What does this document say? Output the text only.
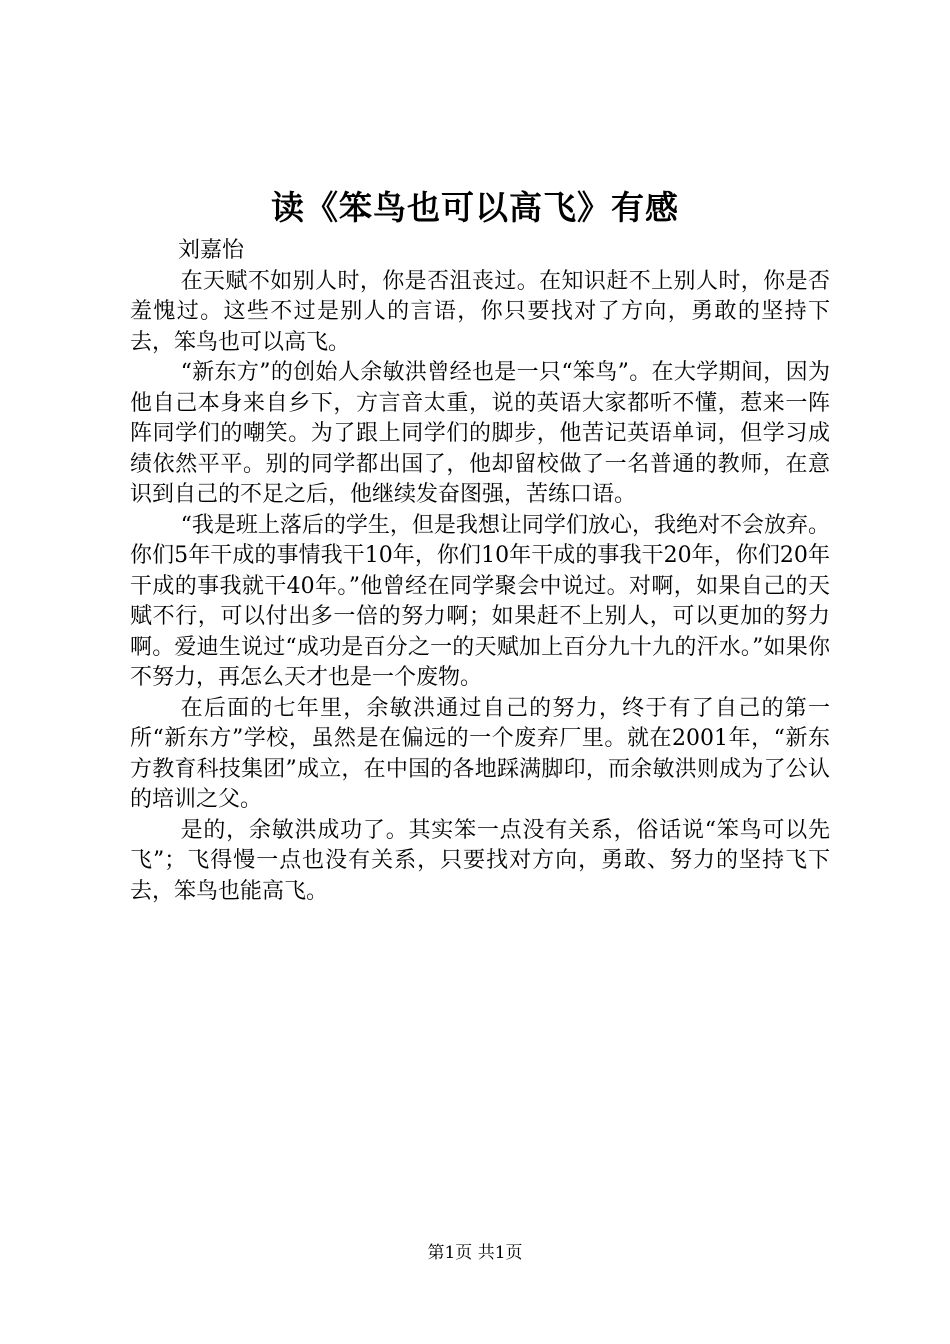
读《笨鸟也可以高飞》有感

刘嘉怡

在天赋不如别人时，你是否沮丧过。在知识赶不上别人时，你是否羞愧过。这些不过是别人的言语，你只要找对了方向，勇敢的坚持下去，笨鸟也可以高飞。

“新东方”的创始人余敏洪曾经也是一只“笨鸟”。在大学期间，因为他自己本身来自乡下，方言音太重，说的英语大家都听不懂，惹来一阵阵同学们的嘲笑。为了跟上同学们的脚步，他苦记英语单词，但学习成绩依然平平。别的同学都出国了，他却留校做了一名普通的教师，在意识到自己的不足之后，他继续发奋图强，苦练口语。

“我是班上落后的学生，但是我想让同学们放心，我绝对不会放弃。你们5年干成的事情我干10年，你们10年干成的事我干20年，你们20年干成的事我就干40年。”他曾经在同学聚会中说过。对啊，如果自己的天赋不行，可以付出多一倍的努力啊；如果赶不上别人，可以更加的努力啊。爱迪生说过“成功是百分之一的天赋加上百分九十九的汗水。”如果你不努力，再怎么天才也是一个废物。

在后面的七年里，余敏洪通过自己的努力，终于有了自己的第一所“新东方”学校，虽然是在偏远的一个废弃厂里。就在2001年，“新东方教育科技集团”成立，在中国的各地踩满脚印，而余敏洪则成为了公认的培训之父。

是的，余敏洪成功了。其实笨一点没有关系，俗话说“笨鸟可以先飞”；飞得慢一点也没有关系，只要找对方向，勇敢、努力的坚持飞下去，笨鸟也能高飞。

第1页 共1页
